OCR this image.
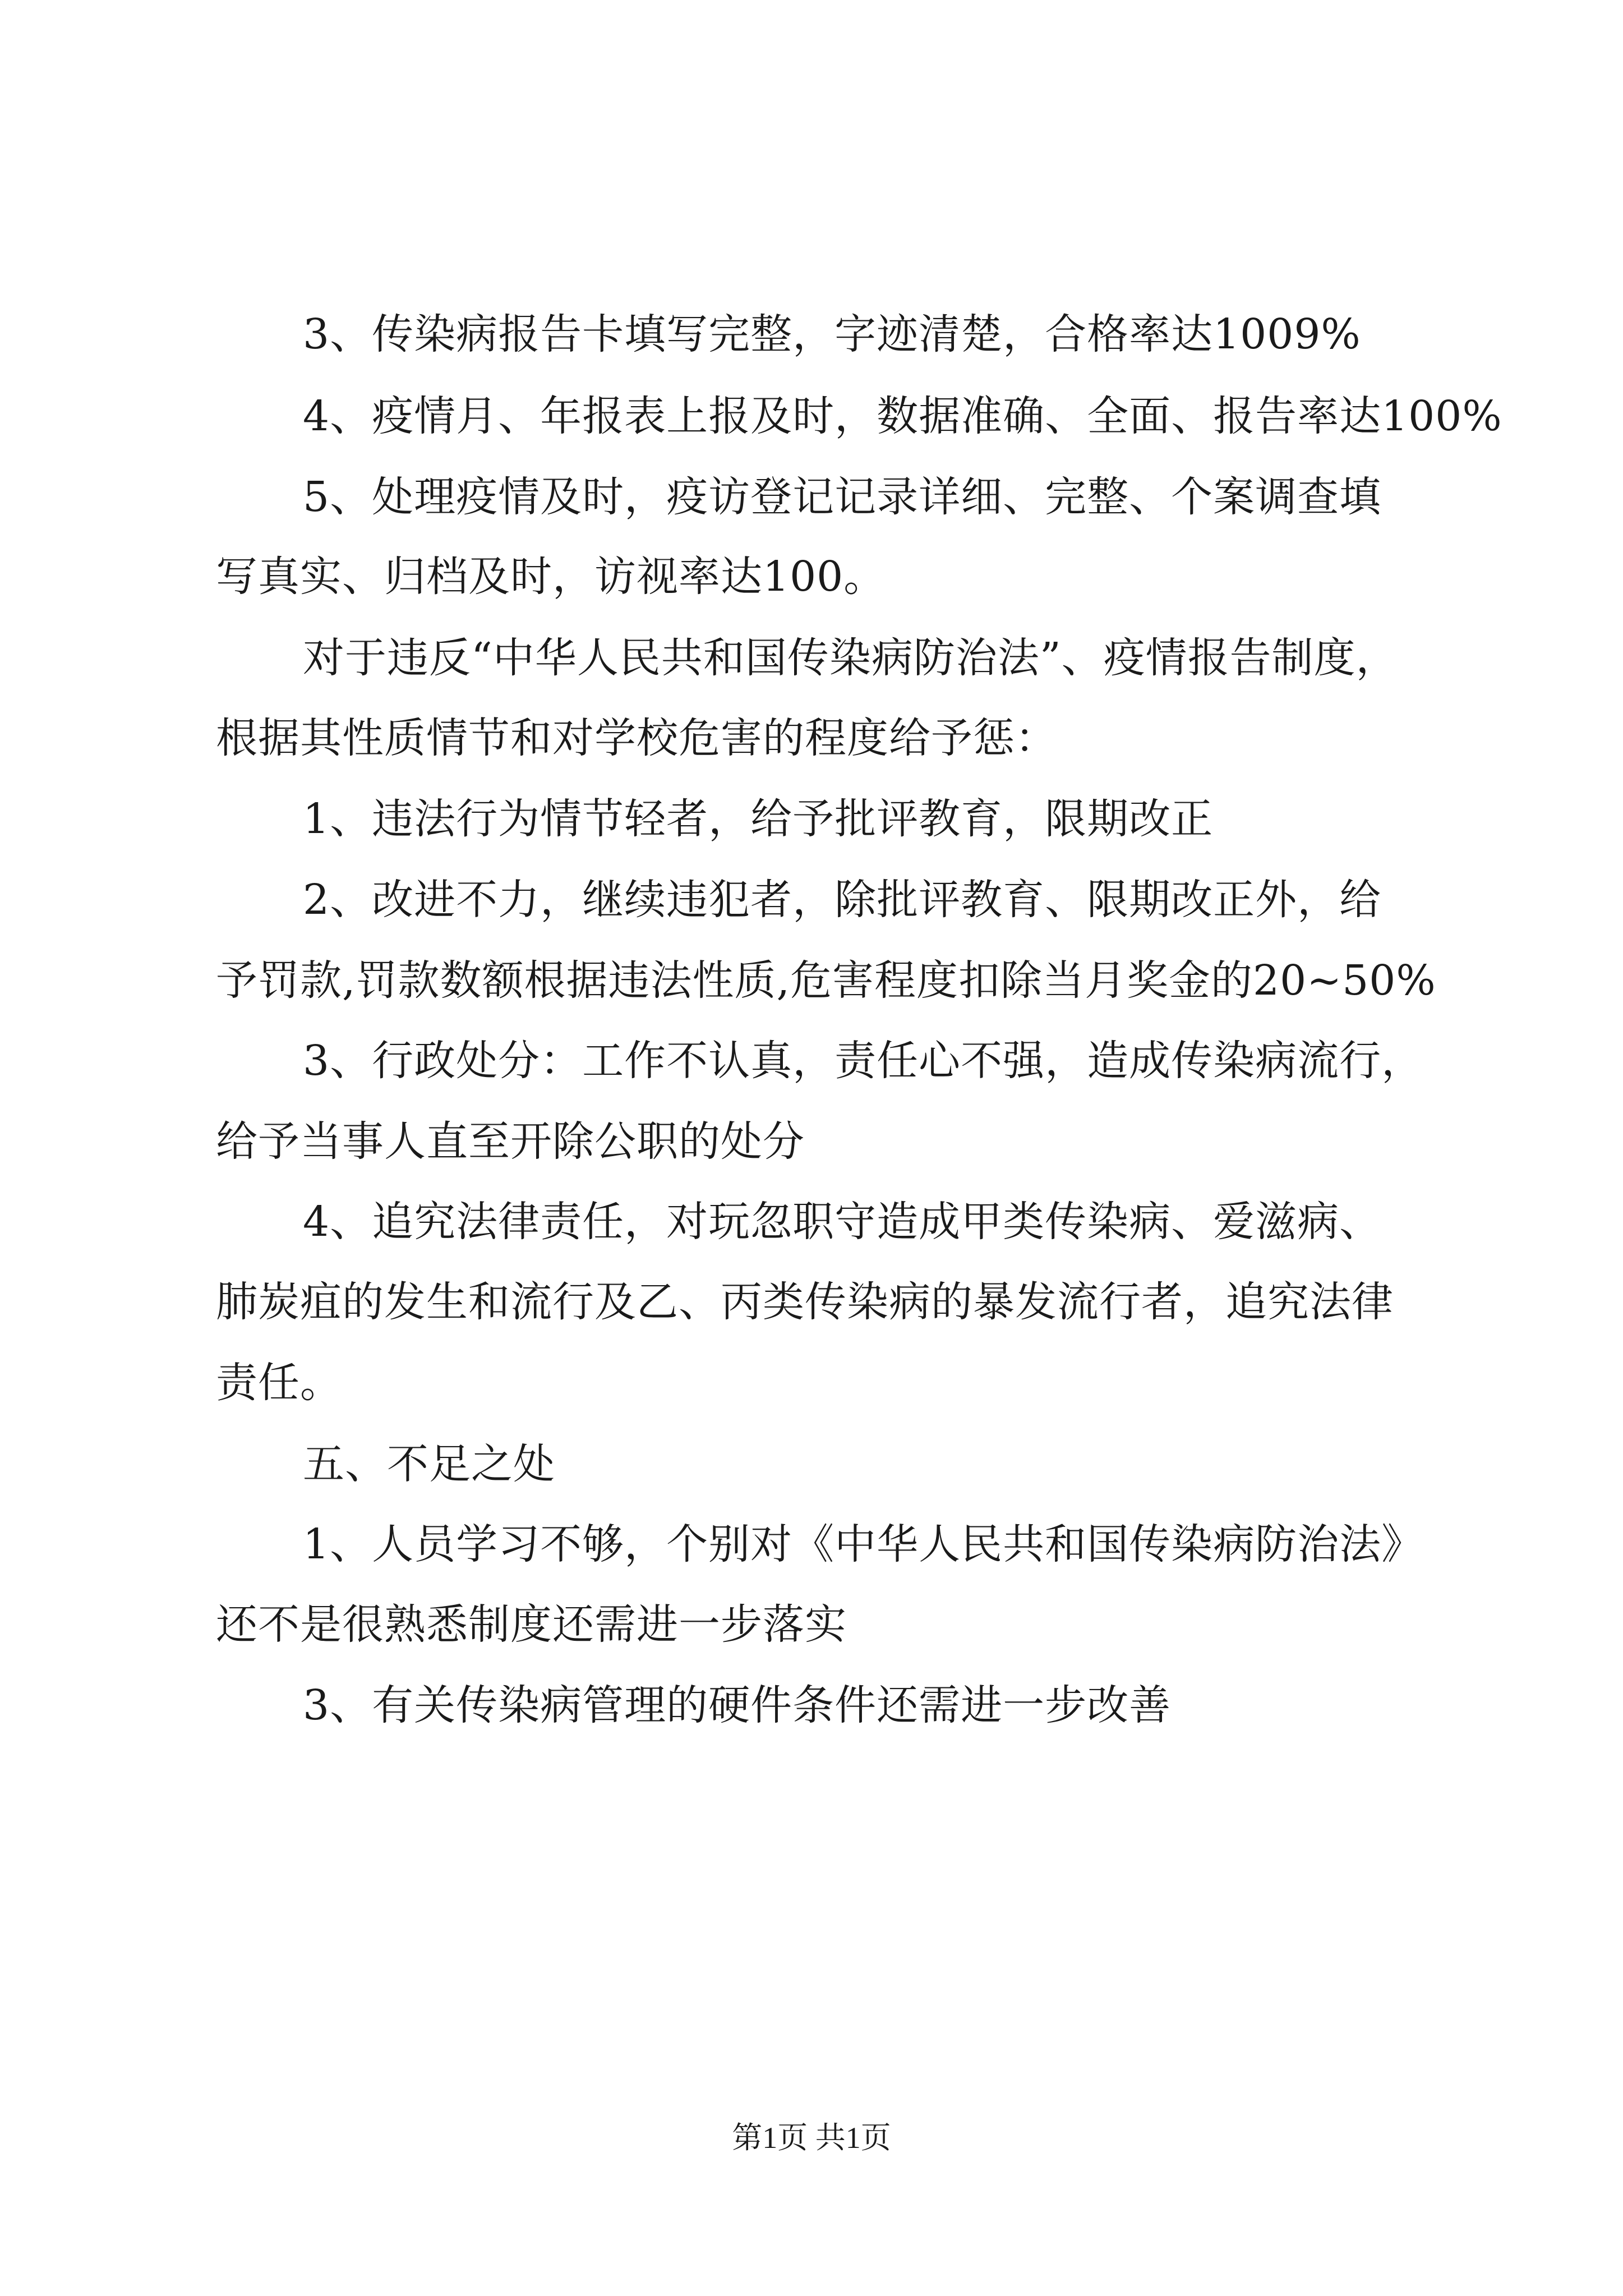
3、传染病报告卡填写完整，字迹清楚，合格率达1009%
4、疫情月、年报表上报及时，数据准确、全面、报告率达100%
5、处理疫情及时，疫访登记记录详细、完整、个案调查填
写真实、归档及时，访视率达100。
对于违反“中华人民共和国传染病防治法”、疫情报告制度，
根据其性质情节和对学校危害的程度给予惩：
1、违法行为情节轻者，给予批评教育，限期改正
2、改进不力，继续违犯者，除批评教育、限期改正外，给
予罚款,罚款数额根据违法性质,危害程度扣除当月奖金的20~50%
3、行政处分：工作不认真，责任心不强，造成传染病流行，
给予当事人直至开除公职的处分
4、追究法律责任，对玩忽职守造成甲类传染病、爱滋病、
肺炭疽的发生和流行及乙、丙类传染病的暴发流行者，追究法律
责任。
五、不足之处
1、人员学习不够，个别对《中华人民共和国传染病防治法》
还不是很熟悉制度还需进一步落实
3、有关传染病管理的硬件条件还需进一步改善
第1页 共1页
